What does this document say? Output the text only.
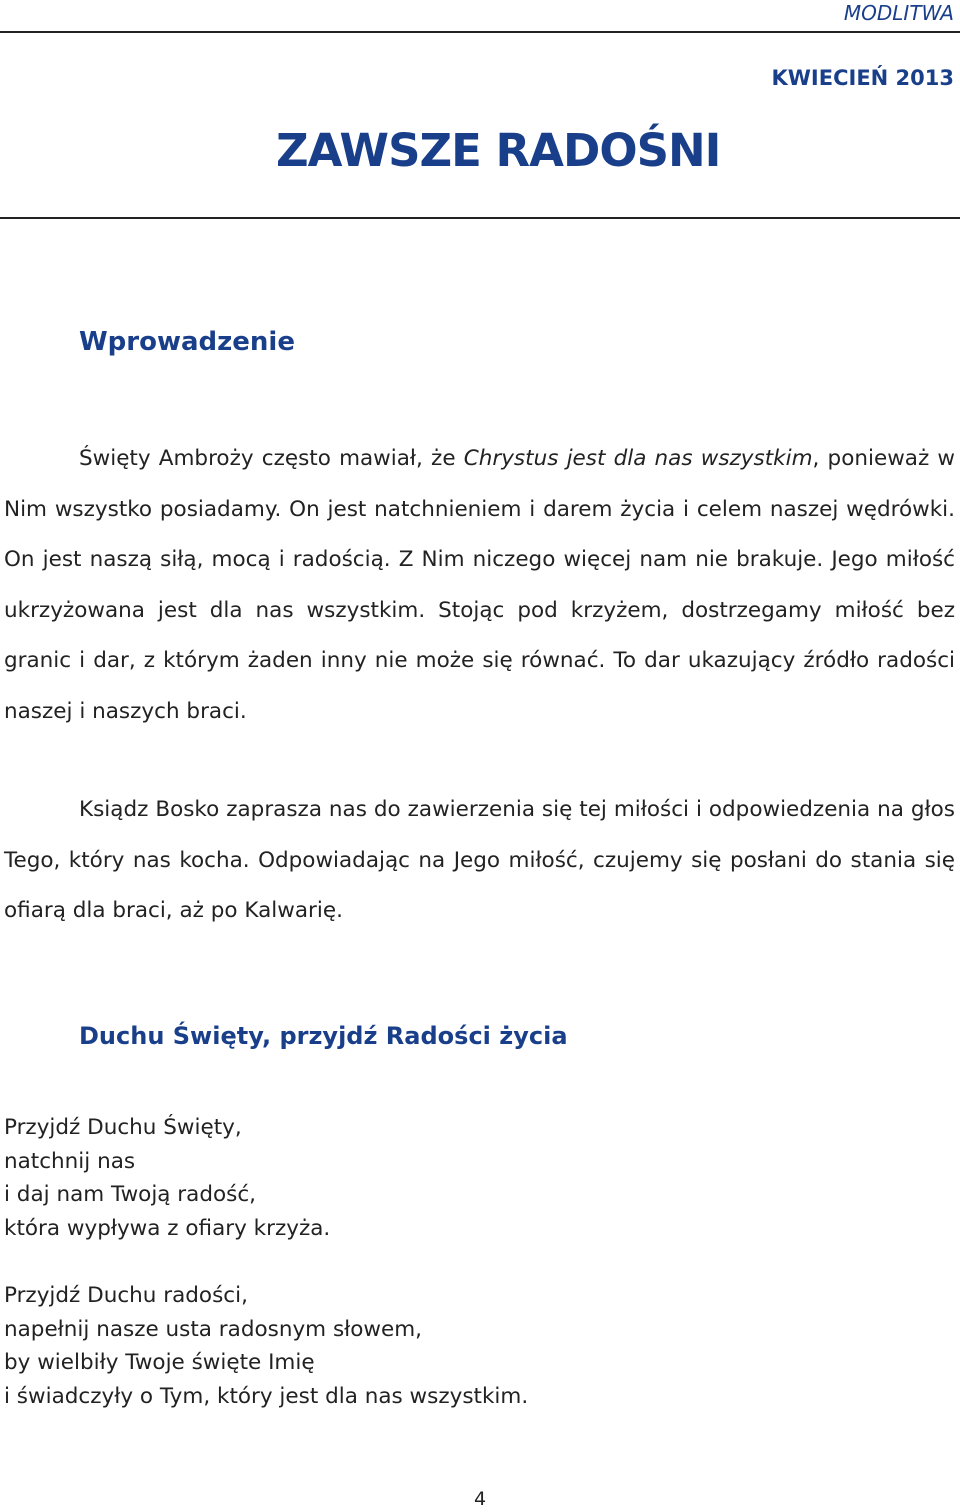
MODLITWA
KWIECIEŃ 2013
ZAWSZE RADOŚNI
Wprowadzenie

Święty Ambroży często mawiał, że Chrystus jest dla nas wszystkim, ponieważ w Nim wszystko posiadamy. On jest natchnieniem i darem życia i celem naszej wędrówki. On jest naszą siłą, mocą i radością. Z Nim niczego więcej nam nie brakuje. Jego miłość ukrzyżowana jest dla nas wszystkim. Stojąc pod krzyżem, dostrzegamy miłość bez granic i dar, z którym żaden inny nie może się równać. To dar ukazujący źródło radości naszej i naszych braci.

Ksiądz Bosko zaprasza nas do zawierzenia się tej miłości i odpowiedzenia na głos Tego, który nas kocha. Odpowiadając na Jego miłość, czujemy się posłani do stania się ofiarą dla braci, aż po Kalwarię.

Duchu Święty, przyjdź Radości życia
Przyjdź Duchu Święty,
natchnij nas
i daj nam Twoją radość,
która wypływa z ofiary krzyża.
Przyjdź Duchu radości,
napełnij nasze usta radosnym słowem,
by wielbiły Twoje święte Imię
i świadczyły o Tym, który jest dla nas wszystkim.
4
